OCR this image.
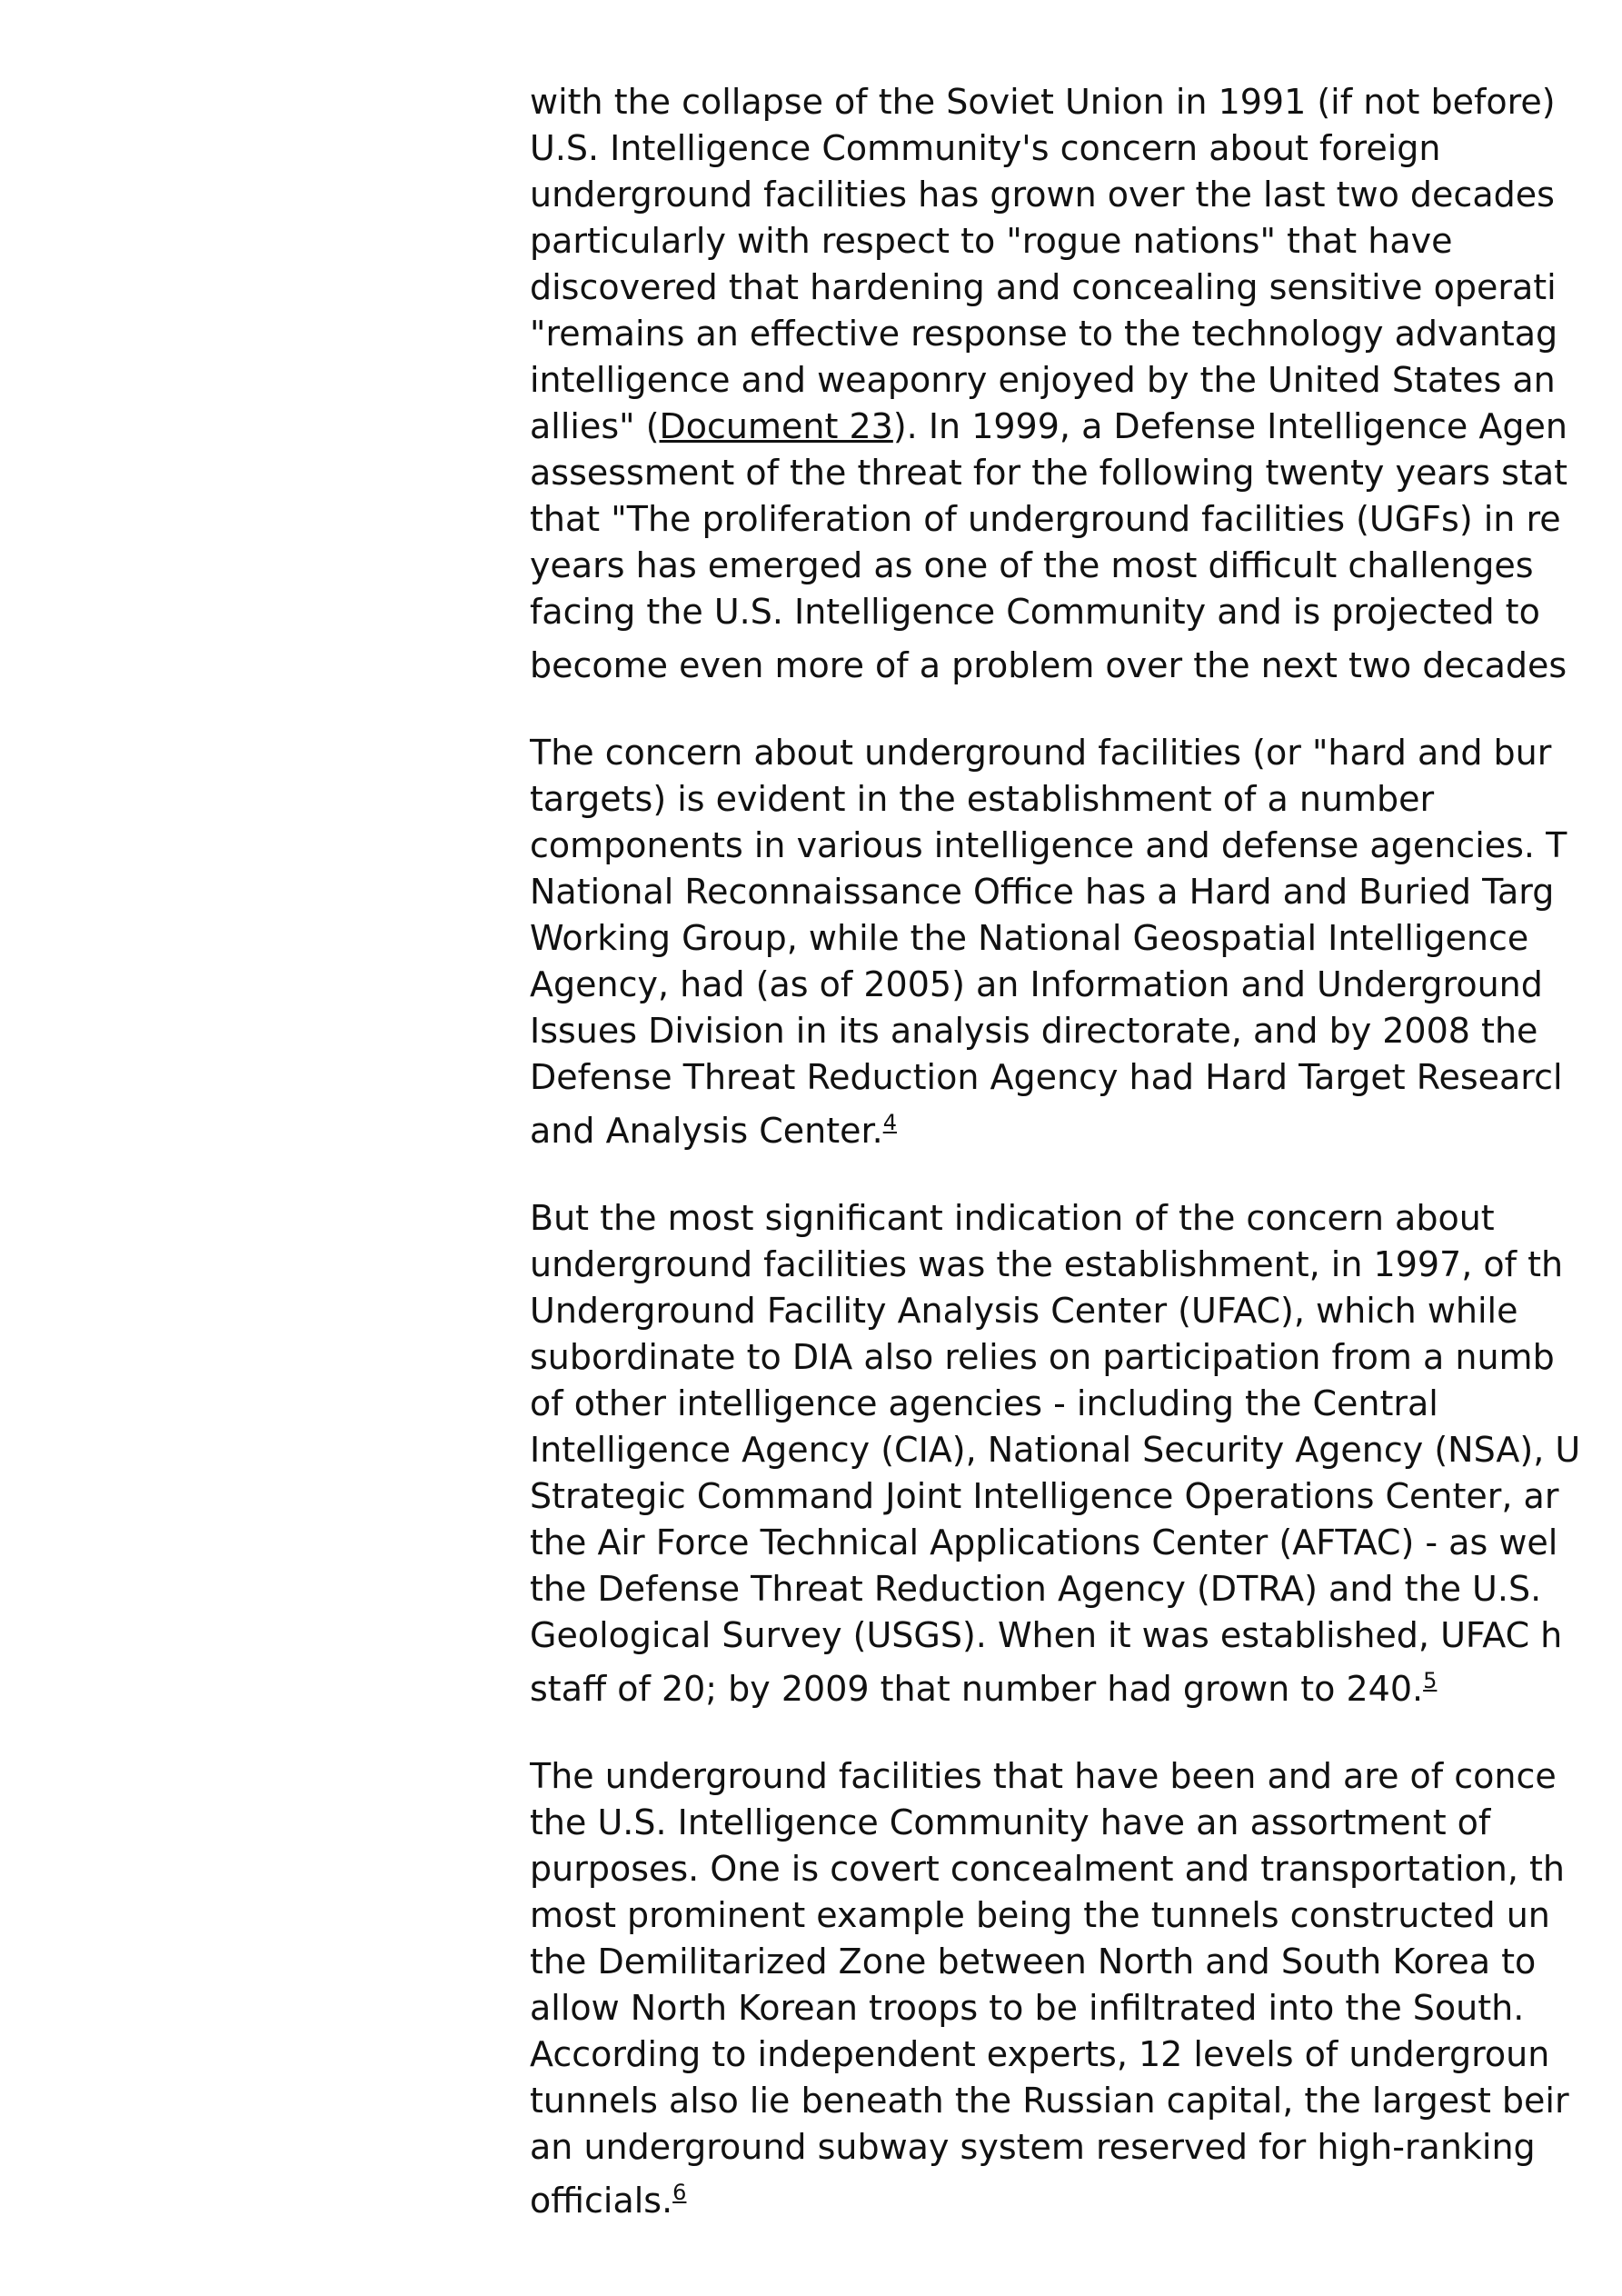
with the collapse of the Soviet Union in 1991 (if not before)
U.S. Intelligence Community's concern about foreign
underground facilities has grown over the last two decades
particularly with respect to "rogue nations" that have
discovered that hardening and concealing sensitive operati
"remains an effective response to the technology advantag
intelligence and weaponry enjoyed by the United States an
allies" (Document 23). In 1999, a Defense Intelligence Agen
assessment of the threat for the following twenty years stat
that "The proliferation of underground facilities (UGFs) in re
years has emerged as one of the most difficult challenges
facing the U.S. Intelligence Community and is projected to
become even more of a problem over the next two decades

The concern about underground facilities (or "hard and bur
targets) is evident in the establishment of a number
components in various intelligence and defense agencies. T
National Reconnaissance Office has a Hard and Buried Targ
Working Group, while the National Geospatial Intelligence
Agency, had (as of 2005) an Information and Underground
Issues Division in its analysis directorate, and by 2008 the
Defense Threat Reduction Agency had Hard Target Researcl
and Analysis Center.$^4$

But the most significant indication of the concern about
underground facilities was the establishment, in 1997, of th
Underground Facility Analysis Center (UFAC), which while
subordinate to DIA also relies on participation from a numb
of other intelligence agencies - including the Central
Intelligence Agency (CIA), National Security Agency (NSA), U
Strategic Command Joint Intelligence Operations Center, ar
the Air Force Technical Applications Center (AFTAC) - as wel
the Defense Threat Reduction Agency (DTRA) and the U.S.
Geological Survey (USGS). When it was established, UFAC h
staff of 20; by 2009 that number had grown to 240.$^5$

The underground facilities that have been and are of conce
the U.S. Intelligence Community have an assortment of
purposes. One is covert concealment and transportation, th
most prominent example being the tunnels constructed un
the Demilitarized Zone between North and South Korea to
allow North Korean troops to be infiltrated into the South.
According to independent experts, 12 levels of undergroun
tunnels also lie beneath the Russian capital, the largest beir
an underground subway system reserved for high-ranking
officials.$^6$
